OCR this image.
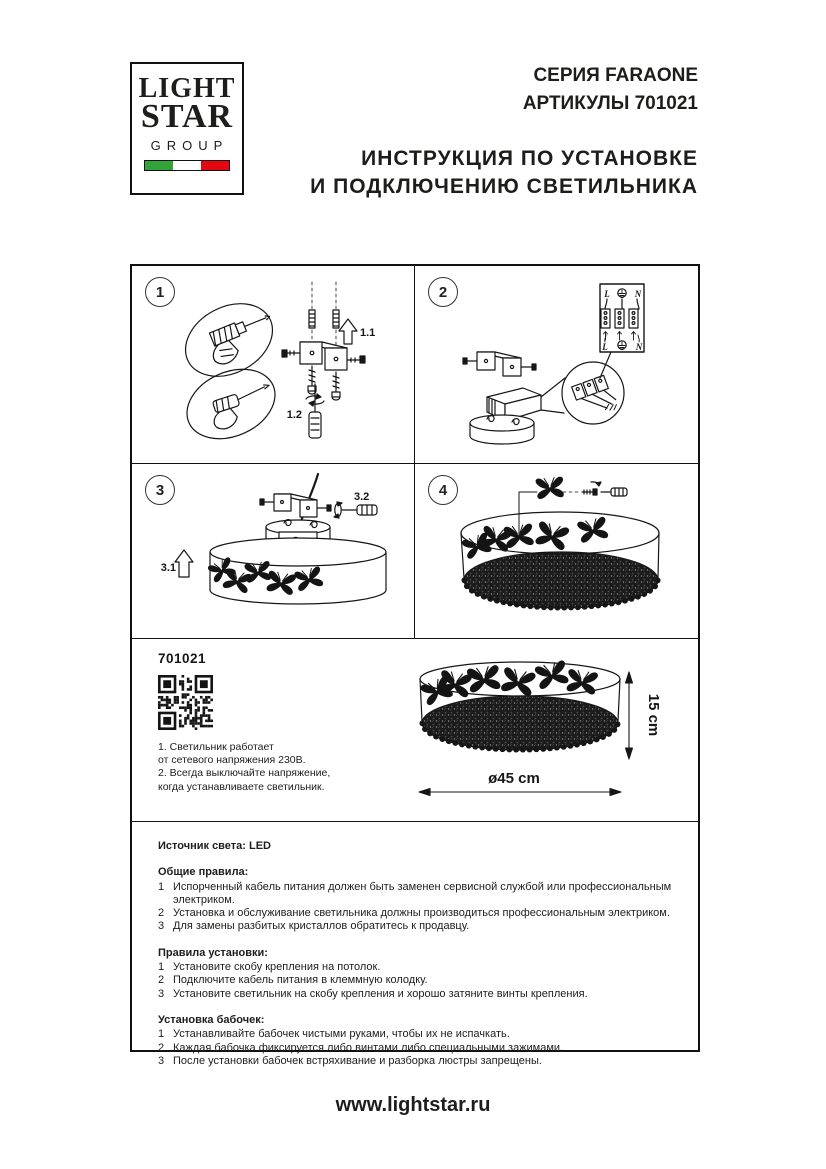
LIGHT
STAR
GROUP
СЕРИЯ FARAONE
АРТИКУЛЫ 701021
ИНСТРУКЦИЯ ПО УСТАНОВКЕ
И ПОДКЛЮЧЕНИЮ СВЕТИЛЬНИКА
1
1.1
1.2
2	L	N
L	N
3
3.1
3.2	4
701021
1. Светильник работает
от сетевого напряжения 230В.
2. Всегда выключайте напряжение,
когда устанавливаете светильник.
15 cm
ø45 cm
Источник света: LED
Общие правила:
1 Испорченный кабель питания должен быть заменен сервисной службой или профессиональным электриком.
2 Установка и обслуживание светильника должны производиться профессиональным электриком.
3 Для замены разбитых кристаллов обратитесь к продавцу.
Правила установки:
1 Установите скобу крепления на потолок.
2 Подключите кабель питания в клеммную колодку.
3 Установите светильник на скобу крепления и хорошо затяните винты крепления.
Установка бабочек:
1 Устанавливайте бабочек чистыми руками, чтобы их не испачкать.
2 Каждая бабочка фиксируется либо винтами либо специальными зажимами.
3 После установки бабочек встряхивание и разборка люстры запрещены.
www.lightstar.ru
